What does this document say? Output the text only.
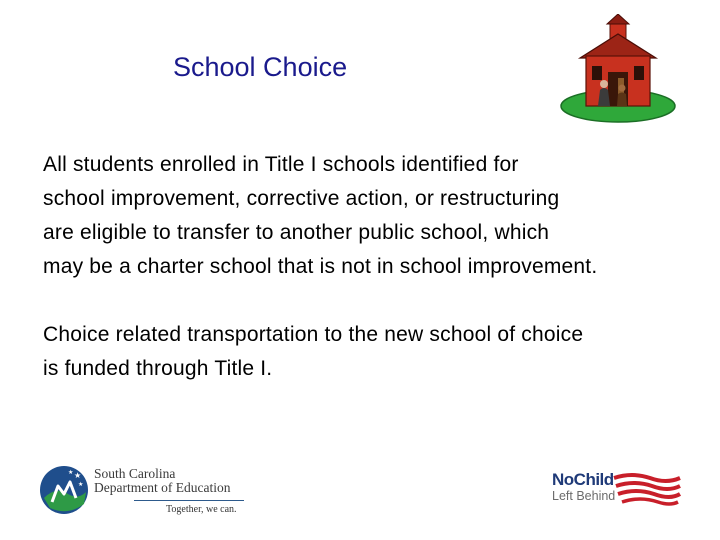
School Choice
All students enrolled in Title I schools identified for
school improvement, corrective action, or restructuring
are eligible to transfer to another public school, which
may be a charter school that is not in school improvement.
Choice related transportation to the new school of choice
is funded through Title I.
★
★
★ South Carolina
Department of Education
Together, we can.
NoChild
Left Behind
